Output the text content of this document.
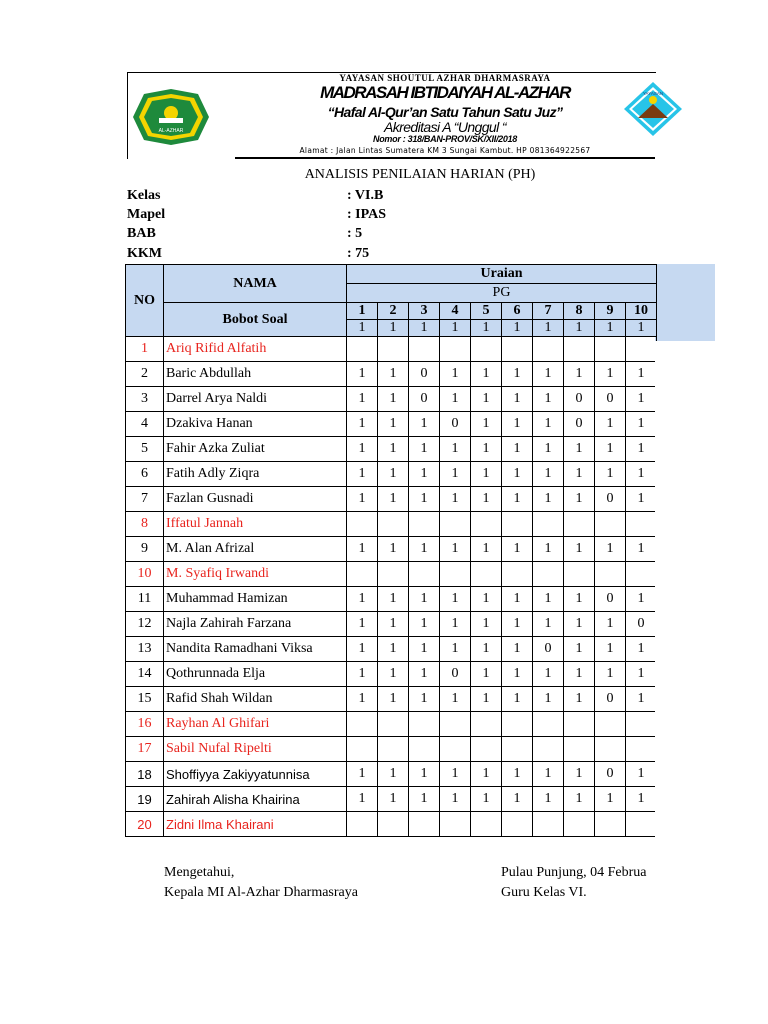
AL-AZHAR
YAYASAN
YAYASAN SHOUTUL AZHAR DHARMASRAYA
MADRASAH IBTIDAIYAH AL-AZHAR
“Hafal Al-Qur’an Satu Tahun Satu Juz”
Akreditasi A “Unggul “
Nomor : 318/BAN-PROV/SK/XII/2018
Alamat : Jalan Lintas Sumatera KM 3 Sungai Kambut. HP 081364922567
ANALISIS PENILAIAN HARIAN (PH)
Kelas	: VI.B
Mapel	: IPAS
BAB	: 5
KKM	: 75
NO	NAMA	Uraian									
		PG									
	Bobot Soal	1	2	3	4	5	6	7	8	9	10
		1	1	1	1	1	1	1	1	1	1
1	Ariq Rifid Alfatih										
2	Baric Abdullah	1	1	0	1	1	1	1	1	1	1
3	Darrel Arya Naldi	1	1	0	1	1	1	1	0	0	1
4	Dzakiva Hanan	1	1	1	0	1	1	1	0	1	1
5	Fahir Azka Zuliat	1	1	1	1	1	1	1	1	1	1
6	Fatih Adly Ziqra	1	1	1	1	1	1	1	1	1	1
7	Fazlan Gusnadi	1	1	1	1	1	1	1	1	0	1
8	Iffatul Jannah										
9	M. Alan Afrizal	1	1	1	1	1	1	1	1	1	1
10	M. Syafiq Irwandi										
11	Muhammad Hamizan	1	1	1	1	1	1	1	1	0	1
12	Najla Zahirah Farzana	1	1	1	1	1	1	1	1	1	0
13	Nandita Ramadhani Viksa	1	1	1	1	1	1	0	1	1	1
14	Qothrunnada Elja	1	1	1	0	1	1	1	1	1	1
15	Rafid Shah Wildan	1	1	1	1	1	1	1	1	0	1
16	Rayhan Al Ghifari										
17	Sabil Nufal Ripelti										
18	Shoffiyya Zakiyyatunnisa	1	1	1	1	1	1	1	1	0	1
19	Zahirah Alisha Khairina	1	1	1	1	1	1	1	1	1	1
20	Zidni Ilma Khairani										
Mengetahui,
Kepala MI Al-Azhar Dharmasraya
Pulau Punjung, 04 Februa
Guru Kelas VI.
